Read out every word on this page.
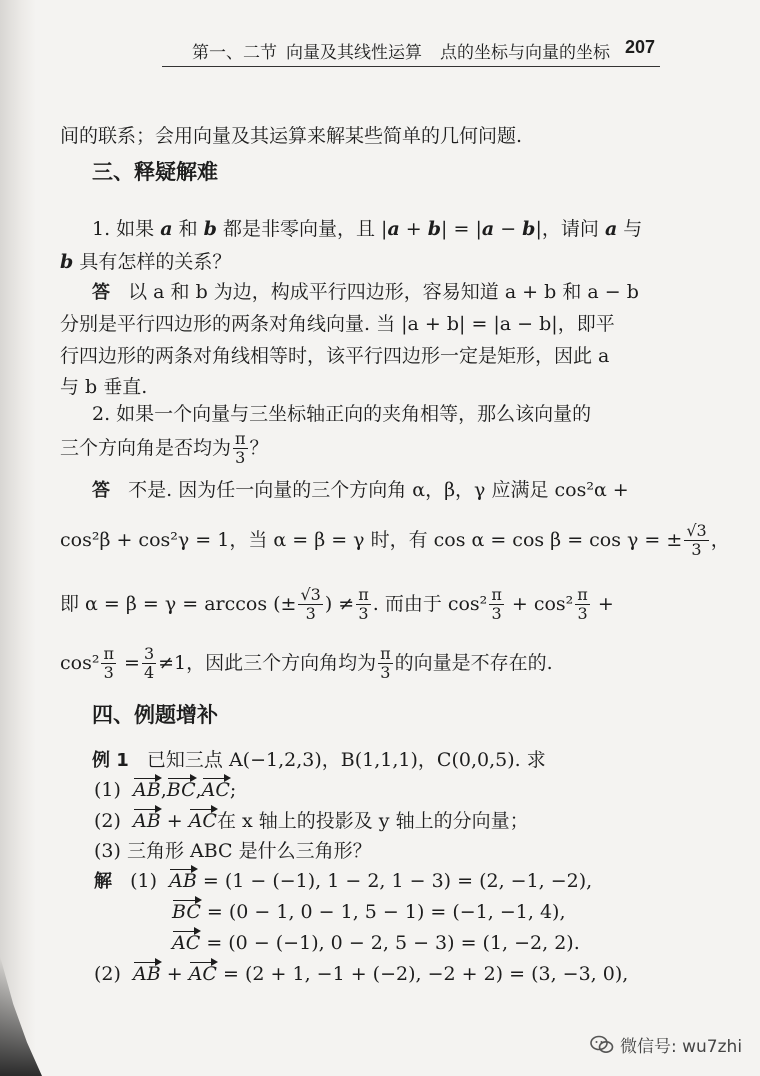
第一、二节 向量及其线性运算 点的坐标与向量的坐标 207
间的联系；会用向量及其运算来解某些简单的几何问题.
三、释疑解难
1. 如果 a 和 b 都是非零向量，且 |a + b| = |a − b|，请问 a 与
b 具有怎样的关系？
答 以 a 和 b 为边，构成平行四边形，容易知道 a + b 和 a − b
分别是平行四边形的两条对角线向量. 当 |a + b| = |a − b|，即平
行四边形的两条对角线相等时，该平行四边形一定是矩形，因此 a
与 b 垂直.
2. 如果一个向量与三坐标轴正向的夹角相等，那么该向量的
三个方向角是否均为 $\frac{\pi}{3}$ ？
答 不是. 因为任一向量的三个方向角 α，β，γ 应满足 cos²α +
cos²β + cos²γ = 1，当 α = β = γ 时，有 cos α = cos β = cos γ = ± $\frac{√3}{3}$ ，
即 α = β = γ = arccos (± $\frac{√3}{3}$ ) ≠ $\frac{\pi}{3}$ . 而由于 $\cos^2 \frac{\pi}{3} + \cos^2 \frac{\pi}{3}$ +
$\cos^2 \frac{\pi}{3} = \frac{3}{4} \ne 1$，因此三个方向角均为 $\frac{\pi}{3}$ 的向量是不存在的.
四、例题增补
例 1 已知三点 A(−1,2,3)，B(1,1,1)，C(0,0,5). 求
(1) AB,BC,AC;
(2) AB + AC在 x 轴上的投影及 y 轴上的分向量；
(3) 三角形 ABC 是什么三角形？
解 (1) AB = (1 − (−1), 1 − 2, 1 − 3) = (2, −1, −2),
BC = (0 − 1, 0 − 1, 5 − 1) = (−1, −1, 4),
AC = (0 − (−1), 0 − 2, 5 − 3) = (1, −2, 2).
(2) AB + AC = (2 + 1, −1 + (−2), −2 + 2) = (3, −3, 0),
微信号: wu7zhi
